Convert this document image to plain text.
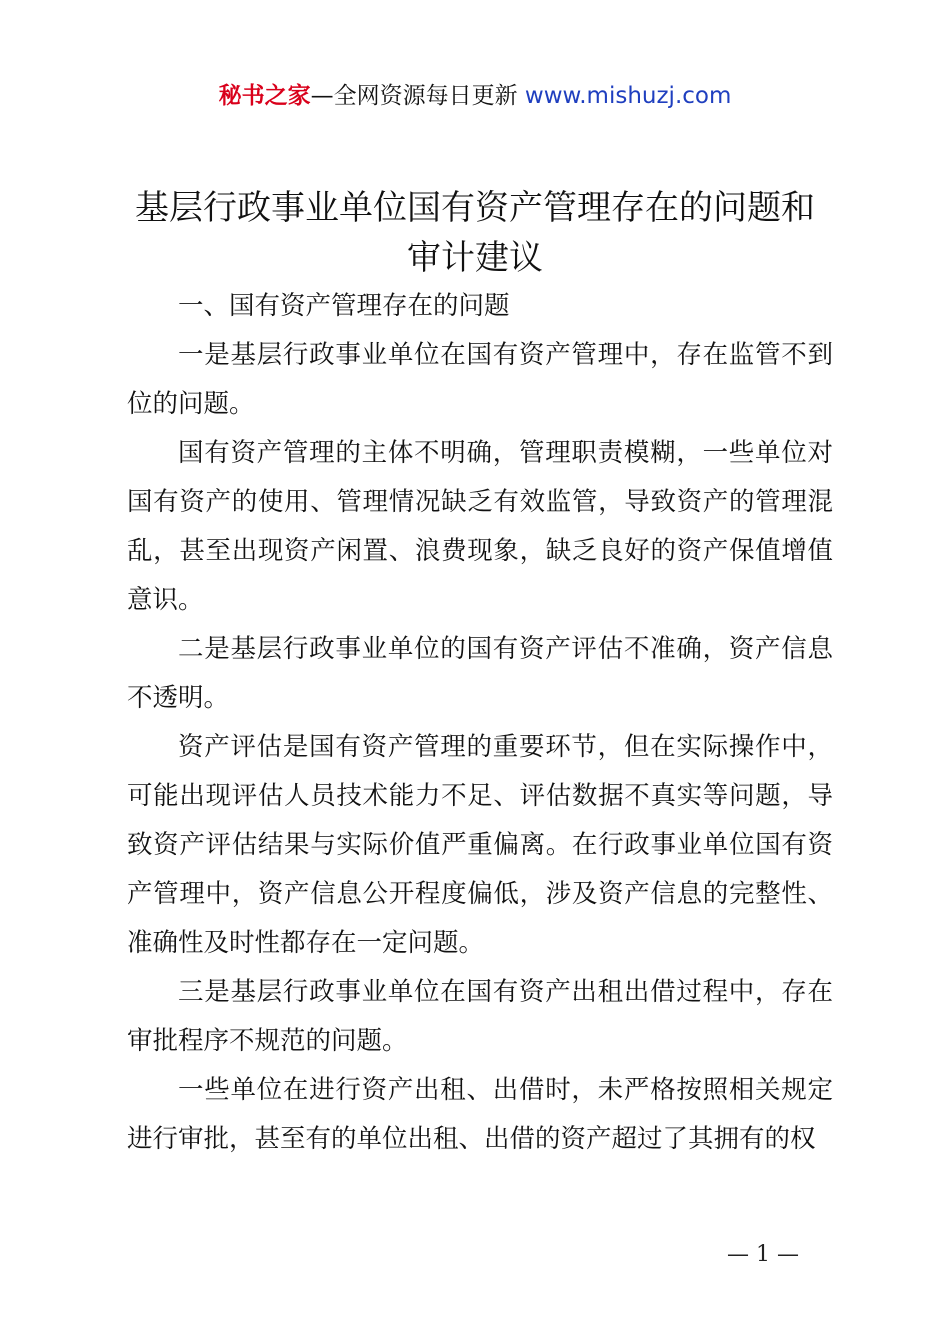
秘书之家—全网资源每日更新 www.mishuzj.com
基层行政事业单位国有资产管理存在的问题和审计建议

一、国有资产管理存在的问题

一是基层行政事业单位在国有资产管理中，存在监管不到位的问题。

国有资产管理的主体不明确，管理职责模糊，一些单位对国有资产的使用、管理情况缺乏有效监管，导致资产的管理混乱，甚至出现资产闲置、浪费现象，缺乏良好的资产保值增值意识。

二是基层行政事业单位的国有资产评估不准确，资产信息不透明。

资产评估是国有资产管理的重要环节，但在实际操作中，可能出现评估人员技术能力不足、评估数据不真实等问题，导致资产评估结果与实际价值严重偏离。在行政事业单位国有资产管理中，资产信息公开程度偏低，涉及资产信息的完整性、准确性及时性都存在一定问题。

三是基层行政事业单位在国有资产出租出借过程中，存在审批程序不规范的问题。

一些单位在进行资产出租、出借时，未严格按照相关规定进行审批，甚至有的单位出租、出借的资产超过了其拥有的权

— 1 —
